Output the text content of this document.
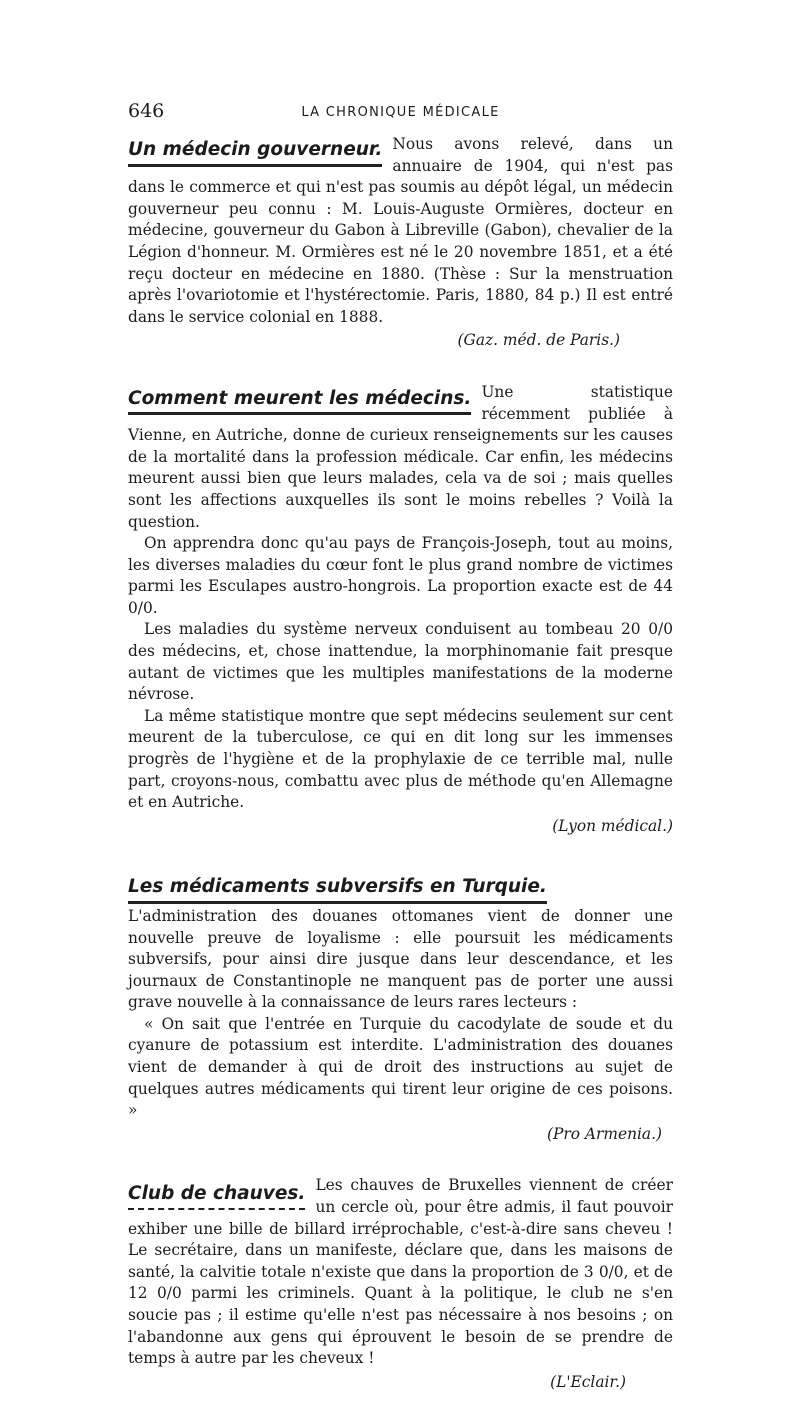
646	LA CHRONIQUE MÉDICALE
Un médecin gouverneur. Nous avons relevé, dans un annuaire de 1904, qui n'est pas dans le commerce et qui n'est pas soumis au dépôt légal, un médecin gouverneur peu connu : M. Louis-Auguste Ormières, docteur en médecine, gouverneur du Gabon à Libreville (Gabon), chevalier de la Légion d'honneur. M. Ormières est né le 20 novembre 1851, et a été reçu docteur en médecine en 1880. (Thèse : Sur la menstruation après l'ovariotomie et l'hystérectomie. Paris, 1880, 84 p.) Il est entré dans le service colonial en 1888.

(Gaz. méd. de Paris.)

Comment meurent les médecins. Une statistique récemment publiée à Vienne, en Autriche, donne de curieux renseignements sur les causes de la mortalité dans la profession médicale. Car enfin, les médecins meurent aussi bien que leurs malades, cela va de soi ; mais quelles sont les affections auxquelles ils sont le moins rebelles ? Voilà la question.

On apprendra donc qu'au pays de François-Joseph, tout au moins, les diverses maladies du cœur font le plus grand nombre de victimes parmi les Esculapes austro-hongrois. La proportion exacte est de 44 0/0.

Les maladies du système nerveux conduisent au tombeau 20 0/0 des médecins, et, chose inattendue, la morphinomanie fait presque autant de victimes que les multiples manifestations de la moderne névrose.

La même statistique montre que sept médecins seulement sur cent meurent de la tuberculose, ce qui en dit long sur les immenses progrès de l'hygiène et de la prophylaxie de ce terrible mal, nulle part, croyons-nous, combattu avec plus de méthode qu'en Allemagne et en Autriche.

(Lyon médical.)

Les médicaments subversifs en Turquie.

L'administration des douanes ottomanes vient de donner une nouvelle preuve de loyalisme : elle poursuit les médicaments subversifs, pour ainsi dire jusque dans leur descendance, et les journaux de Constantinople ne manquent pas de porter une aussi grave nouvelle à la connaissance de leurs rares lecteurs :

« On sait que l'entrée en Turquie du cacodylate de soude et du cyanure de potassium est interdite. L'administration des douanes vient de demander à qui de droit des instructions au sujet de quelques autres médicaments qui tirent leur origine de ces poisons. »

(Pro Armenia.)

Club de chauves. Les chauves de Bruxelles viennent de créer un cercle où, pour être admis, il faut pouvoir exhiber une bille de billard irréprochable, c'est-à-dire sans cheveu ! Le secrétaire, dans un manifeste, déclare que, dans les maisons de santé, la calvitie totale n'existe que dans la proportion de 3 0/0, et de 12 0/0 parmi les criminels. Quant à la politique, le club ne s'en soucie pas ; il estime qu'elle n'est pas nécessaire à nos besoins ; on l'abandonne aux gens qui éprouvent le besoin de se prendre de temps à autre par les cheveux !

(L'Eclair.)
